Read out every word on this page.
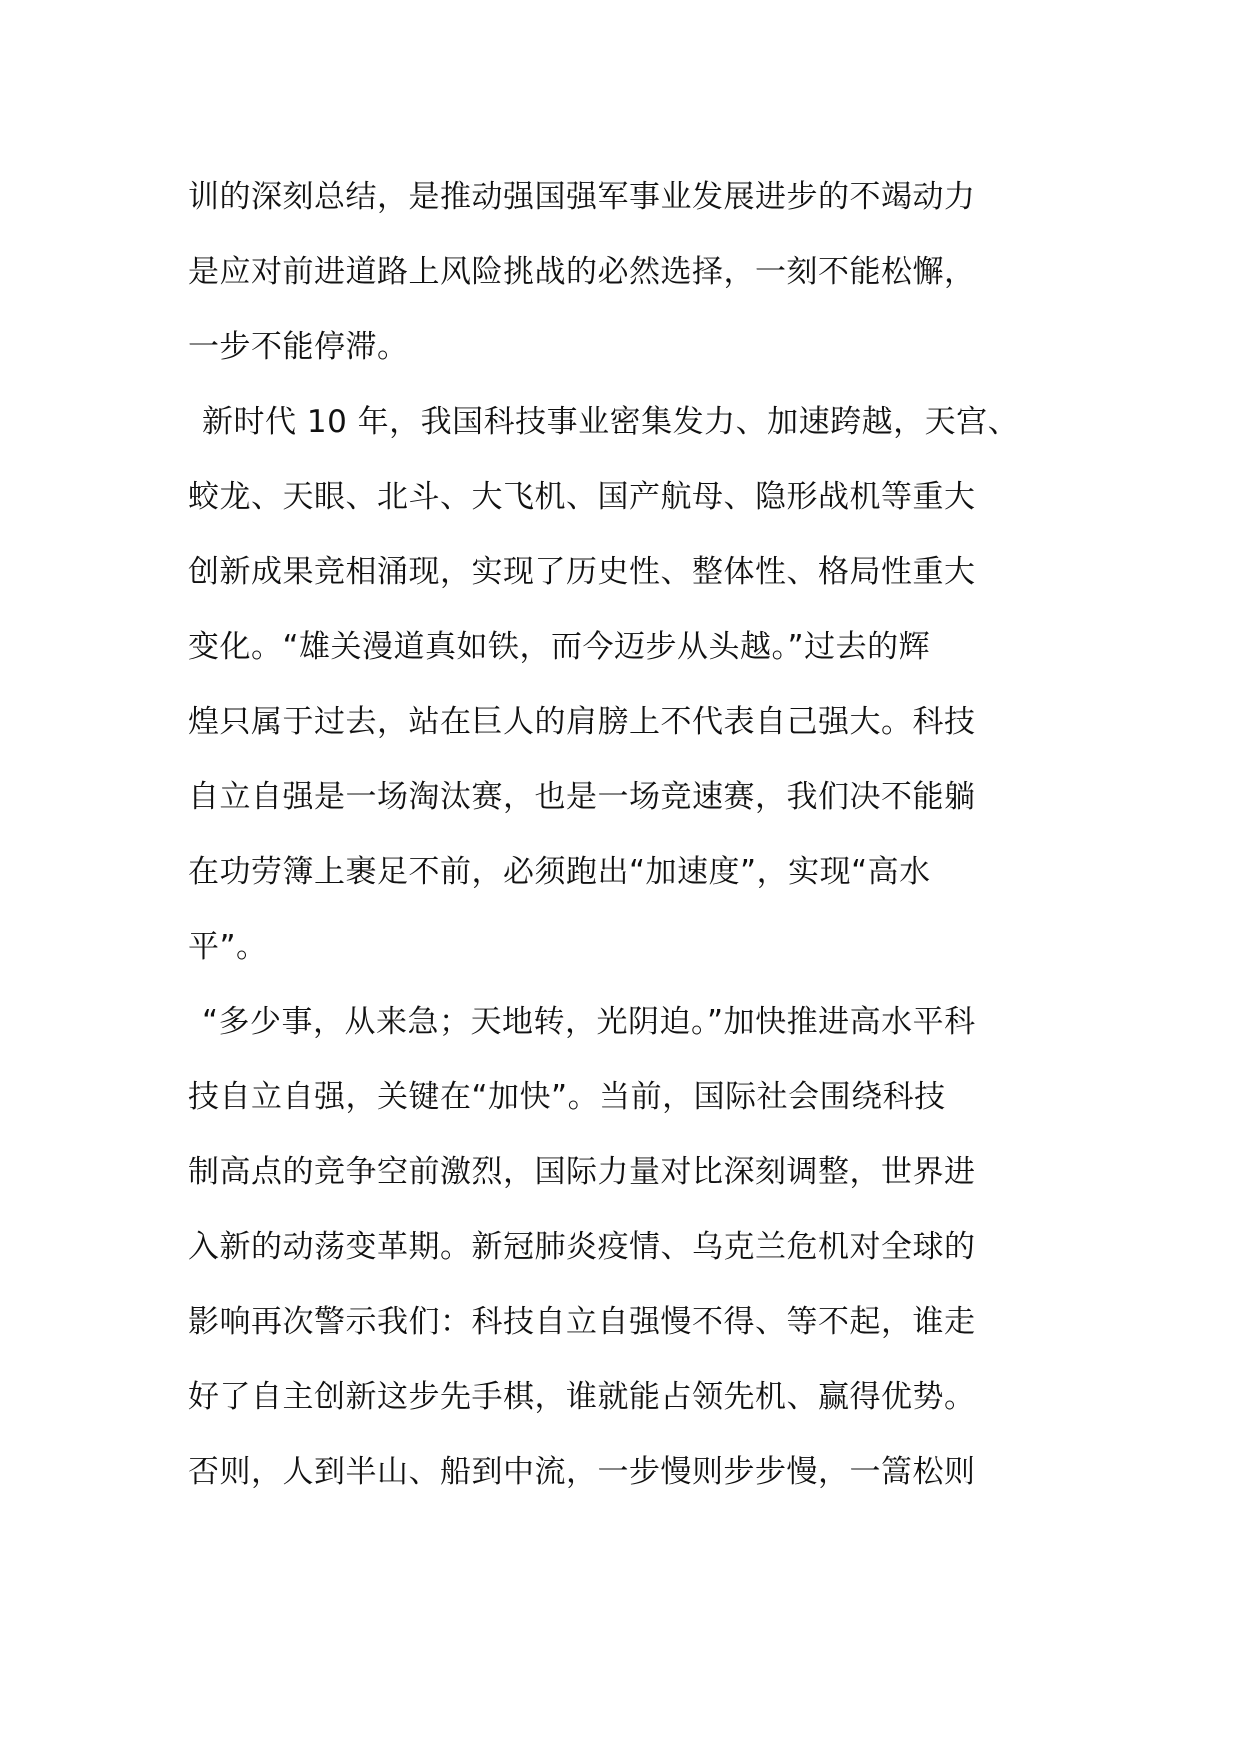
训的深刻总结，是推动强国强军事业发展进步的不竭动力
是应对前进道路上风险挑战的必然选择，一刻不能松懈，
一步不能停滞。
新时代 10 年，我国科技事业密集发力、加速跨越，天宫、
蛟龙、天眼、北斗、大飞机、国产航母、隐形战机等重大
创新成果竞相涌现，实现了历史性、整体性、格局性重大
变化。“雄关漫道真如铁，而今迈步从头越。”过去的辉
煌只属于过去，站在巨人的肩膀上不代表自己强大。科技
自立自强是一场淘汰赛，也是一场竞速赛，我们决不能躺
在功劳簿上裹足不前，必须跑出“加速度”，实现“高水
平”。
“多少事，从来急；天地转，光阴迫。”加快推进高水平科
技自立自强，关键在“加快”。当前，国际社会围绕科技
制高点的竞争空前激烈，国际力量对比深刻调整，世界进
入新的动荡变革期。新冠肺炎疫情、乌克兰危机对全球的
影响再次警示我们：科技自立自强慢不得、等不起，谁走
好了自主创新这步先手棋，谁就能占领先机、赢得优势。
否则，人到半山、船到中流，一步慢则步步慢，一篙松则
